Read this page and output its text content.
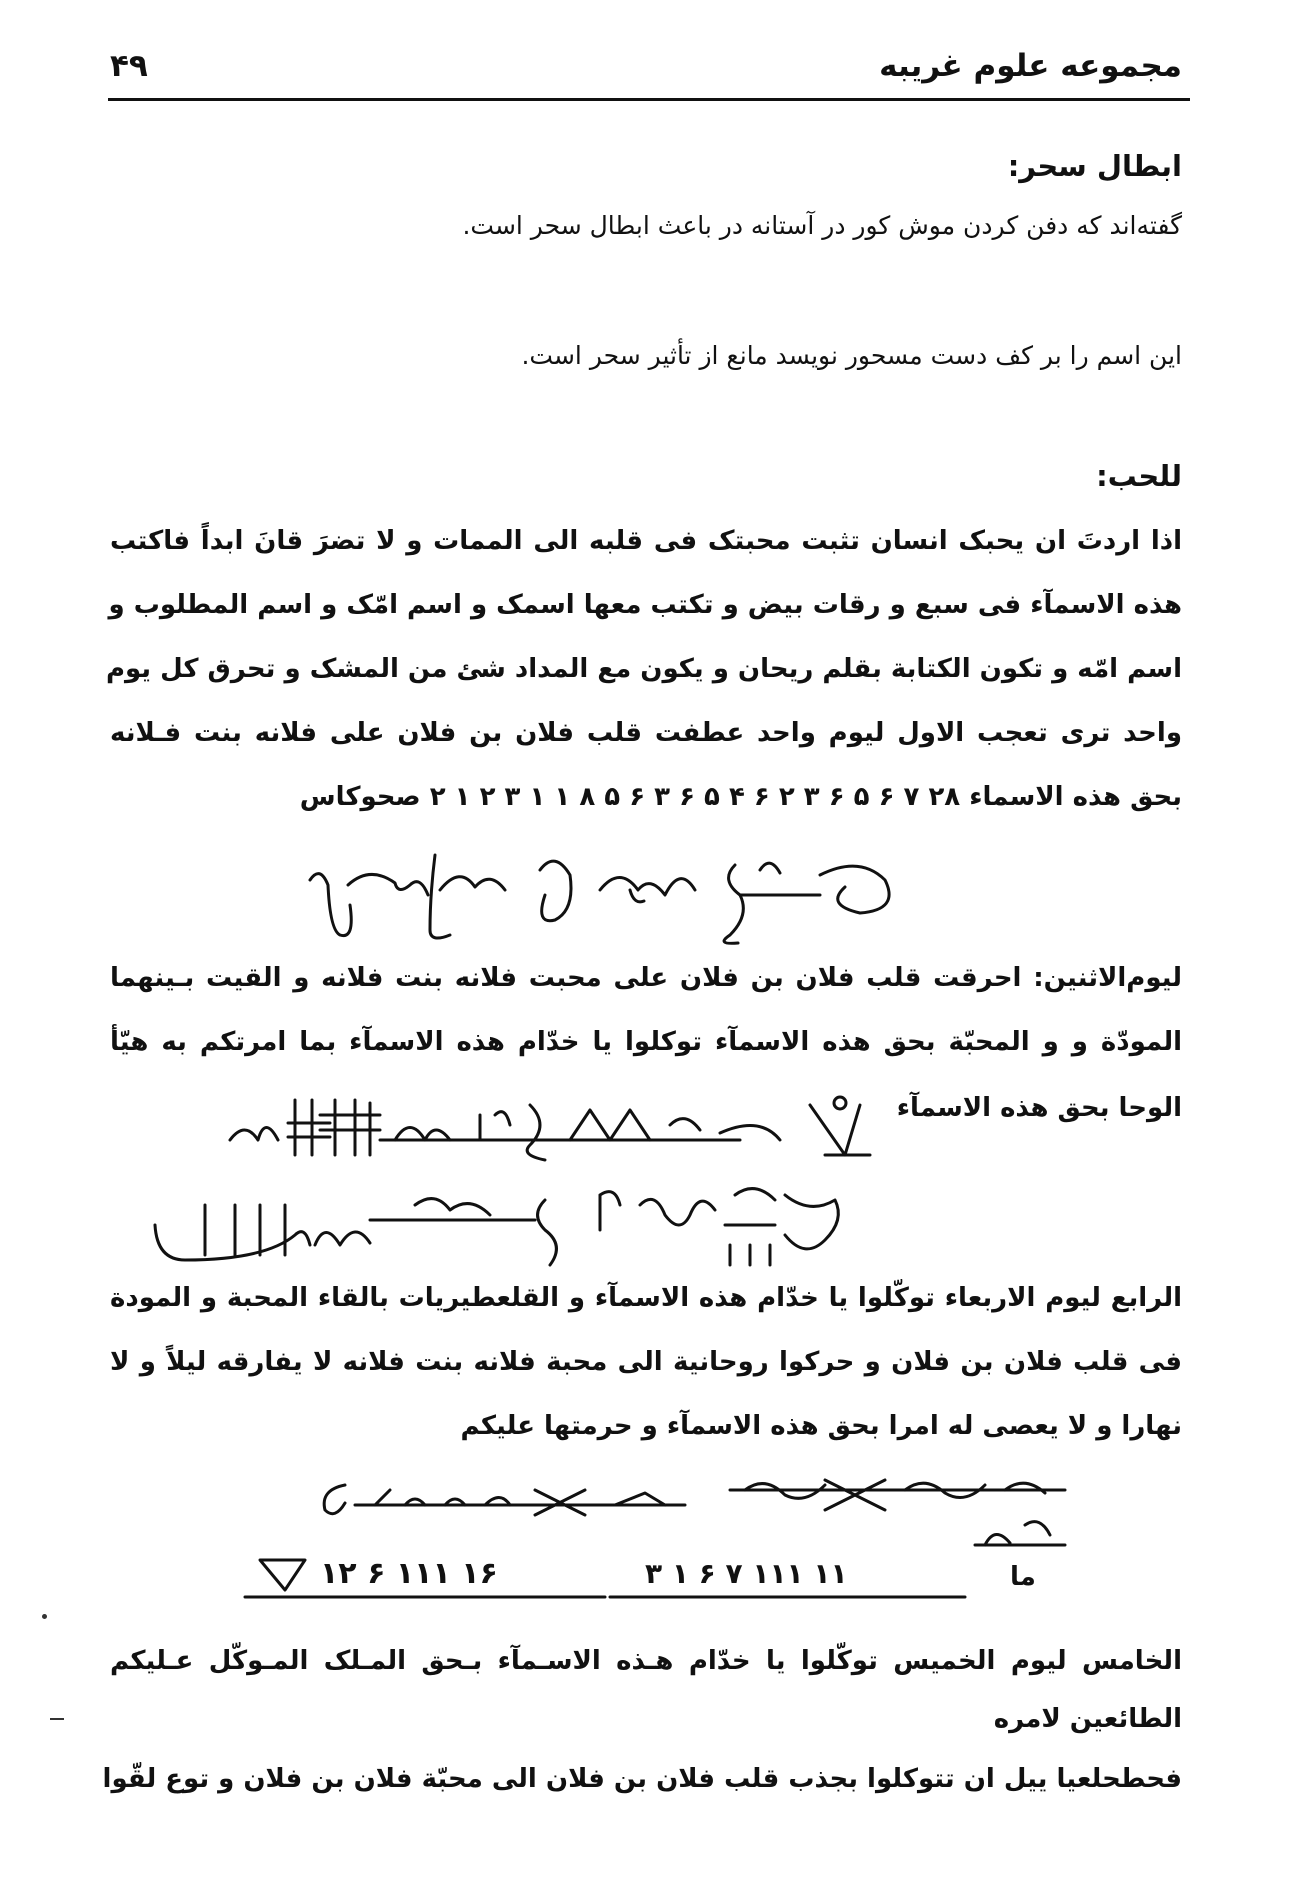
مجموعه علوم غریبه
۴۹
ابطال سحر:
گفته‌اند که دفن کردن موش کور در آستانه در باعث ابطال سحر است.
این اسم را بر کف دست مسحور نویسد مانع از تأثیر سحر است.
للحب:
اذا اردتَ ان یحبک انسان تثبت محبتک فی قلبه الی الممات و لا تضرَ قانَ ابداً فاکتب
هذه الاسمآء فی سبع و رقات بیض و تکتب معها اسمک و اسم امّک و اسم المطلوب و
اسم امّه و تکون الکتابة بقلم ریحان و یکون مع المداد شئ من المشک و تحرق کل یوم
واحد تری تعجب الاول لیوم واحد عطفت قلب فلان بن فلان علی فلانه بنت فـلانه
بحق هذه الاسماء ۲۸ ۷ ۶ ۵ ۶ ۳ ۲ ۶ ۴ ۵ ۶ ۳ ۶ ۵ ۸ ۱ ۱ ۳ ۲ ۱ ۲ صحوکاس
لیوم‌الاثنین: احرقت قلب فلان بن فلان علی محبت فلانه بنت فلانه و القیت بـینهما
المودّة و و المحبّة بحق هذه الاسمآء توکلوا یا خدّام هذه الاسمآء بما امرتکم به هیّأ
الوحا بحق هذه الاسمآء
الرابع لیوم الاربعاء توکّلوا یا خدّام هذه الاسمآء و القلعطیریات بالقاء المحبة و المودة
فی قلب فلان بن فلان و حرکوا روحانیة الی محبة فلانه بنت فلانه لا یفارقه لیلاً و لا
نهارا و لا یعصی له امرا بحق هذه الاسمآء و حرمتها علیکم
۱۲ ۶ ۱۱۱ ۱۶	۳ ۱ ۶ ۷ ۱۱۱ ۱۱	ﻣﺎ
الخامس لیوم الخمیس توکّلوا یا خدّام هـذه الاسـمآء بـحق المـلک المـوکّل عـلیکم
الطائعین لامره
فحطحلعیا ییل ان تتوکلوا بجذب قلب فلان بن فلان الی محبّة فلان بن فلان و توع لقّوا
